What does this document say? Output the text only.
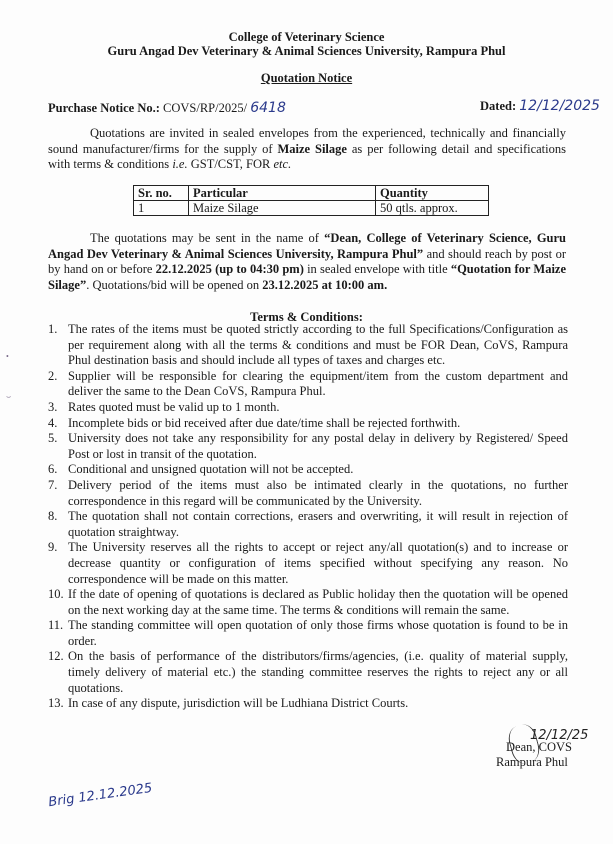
College of Veterinary Science
Guru Angad Dev Veterinary & Animal Sciences University, Rampura Phul
Quotation Notice
Purchase Notice No.: COVS/RP/2025/ 6418	Dated: 12/12/2025
Quotations are invited in sealed envelopes from the experienced, technically and financially sound manufacturer/firms for the supply of Maize Silage as per following detail and specifications with terms & conditions i.e. GST/CST, FOR etc.
Sr. no.	Particular	Quantity
1	Maize Silage	50 qtls. approx.
The quotations may be sent in the name of “Dean, College of Veterinary Science, Guru Angad Dev Veterinary & Animal Sciences University, Rampura Phul” and should reach by post or by hand on or before 22.12.2025 (up to 04:30 pm) in sealed envelope with title “Quotation for Maize Silage”. Quotations/bid will be opened on 23.12.2025 at 10:00 am.
Terms & Conditions:
1. The rates of the items must be quoted strictly according to the full Specifications/Configuration as per requirement along with all the terms & conditions and must be FOR Dean, CoVS, Rampura Phul destination basis and should include all types of taxes and charges etc.
2. Supplier will be responsible for clearing the equipment/item from the custom department and deliver the same to the Dean CoVS, Rampura Phul.
3. Rates quoted must be valid up to 1 month.
4. Incomplete bids or bid received after due date/time shall be rejected forthwith.
5. University does not take any responsibility for any postal delay in delivery by Registered/ Speed Post or lost in transit of the quotation.
6. Conditional and unsigned quotation will not be accepted.
7. Delivery period of the items must also be intimated clearly in the quotations, no further correspondence in this regard will be communicated by the University.
8. The quotation shall not contain corrections, erasers and overwriting, it will result in rejection of quotation straightway.
9. The University reserves all the rights to accept or reject any/all quotation(s) and to increase or decrease quantity or configuration of items specified without specifying any reason. No correspondence will be made on this matter.
10. If the date of opening of quotations is declared as Public holiday then the quotation will be opened on the next working day at the same time. The terms & conditions will remain the same.
11. The standing committee will open quotation of only those firms whose quotation is found to be in order.
12. On the basis of performance of the distributors/firms/agencies, (i.e. quality of material supply, timely delivery of material etc.) the standing committee reserves the rights to reject any or all quotations.
13. In case of any dispute, jurisdiction will be Ludhiana District Courts.
12/12/25
Dean, COVS
Rampura Phul
Brig 12.12.2025
•
⌣
